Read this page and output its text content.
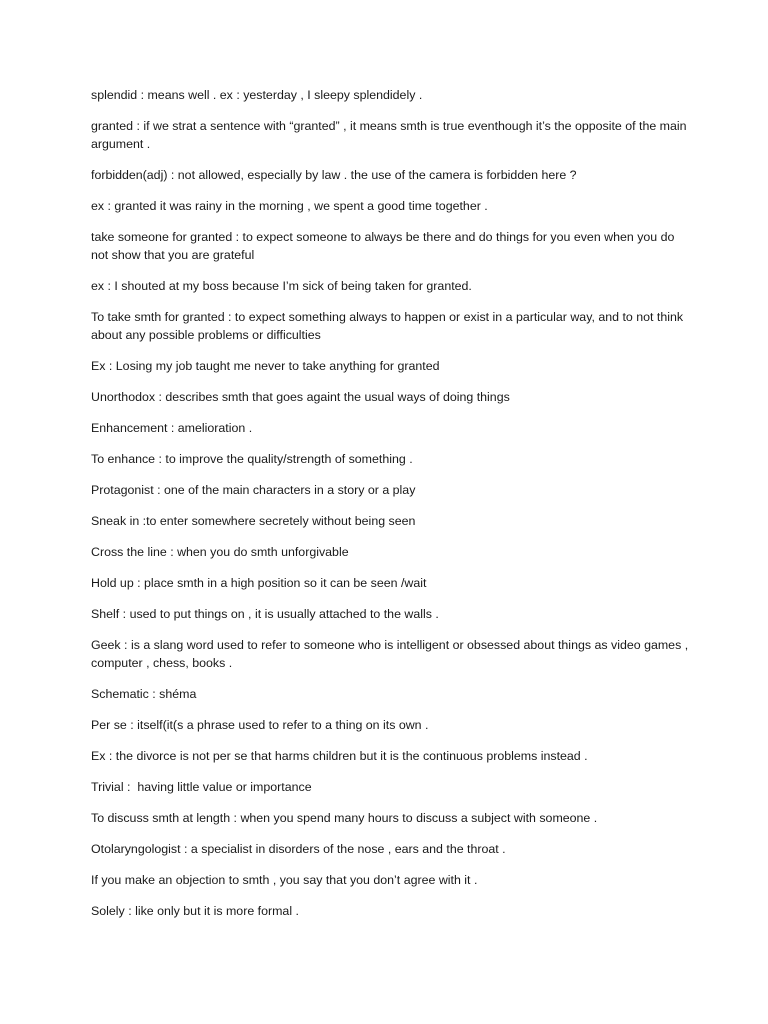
splendid : means well . ex : yesterday , I sleepy splendidely .

granted : if we strat a sentence with “granted” , it means smth is true eventhough it’s the opposite of the main argument .

forbidden(adj) : not allowed, especially by law . the use of the camera is forbidden here ?

ex : granted it was rainy in the morning , we spent a good time together .

take someone for granted : to expect someone to always be there and do things for you even when you do not show that you are grateful

ex : I shouted at my boss because I’m sick of being taken for granted.

To take smth for granted : to expect something always to happen or exist in a particular way, and to not think about any possible problems or difficulties

Ex : Losing my job taught me never to take anything for granted

Unorthodox : describes smth that goes againt the usual ways of doing things

Enhancement : amelioration .

To enhance : to improve the quality/strength of something .

Protagonist : one of the main characters in a story or a play

Sneak in :to enter somewhere secretely without being seen

Cross the line : when you do smth unforgivable

Hold up : place smth in a high position so it can be seen /wait

Shelf : used to put things on , it is usually attached to the walls .

Geek : is a slang word used to refer to someone who is intelligent or obsessed about things as video games , computer , chess, books .

Schematic : shéma

Per se : itself(it(s a phrase used to refer to a thing on its own .

Ex : the divorce is not per se that harms children but it is the continuous problems instead .

Trivial :  having little value or importance

To discuss smth at length : when you spend many hours to discuss a subject with someone .

Otolaryngologist : a specialist in disorders of the nose , ears and the throat .

If you make an objection to smth , you say that you don’t agree with it .

Solely : like only but it is more formal .
